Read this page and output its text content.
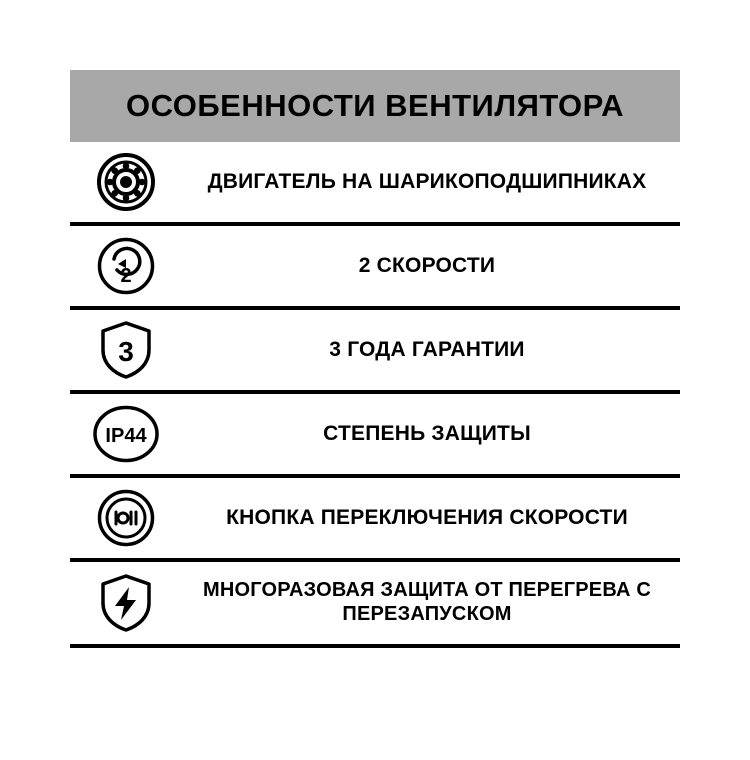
ОСОБЕННОСТИ ВЕНТИЛЯТОРА
ДВИГАТЕЛЬ НА ШАРИКОПОДШИПНИКАХ
2	2 СКОРОСТИ
3	3 ГОДА ГАРАНТИИ
IP44	СТЕПЕНЬ ЗАЩИТЫ
КНОПКА ПЕРЕКЛЮЧЕНИЯ СКОРОСТИ
МНОГОРАЗОВАЯ ЗАЩИТА ОТ ПЕРЕГРЕВА С ПЕРЕЗАПУСКОМ
